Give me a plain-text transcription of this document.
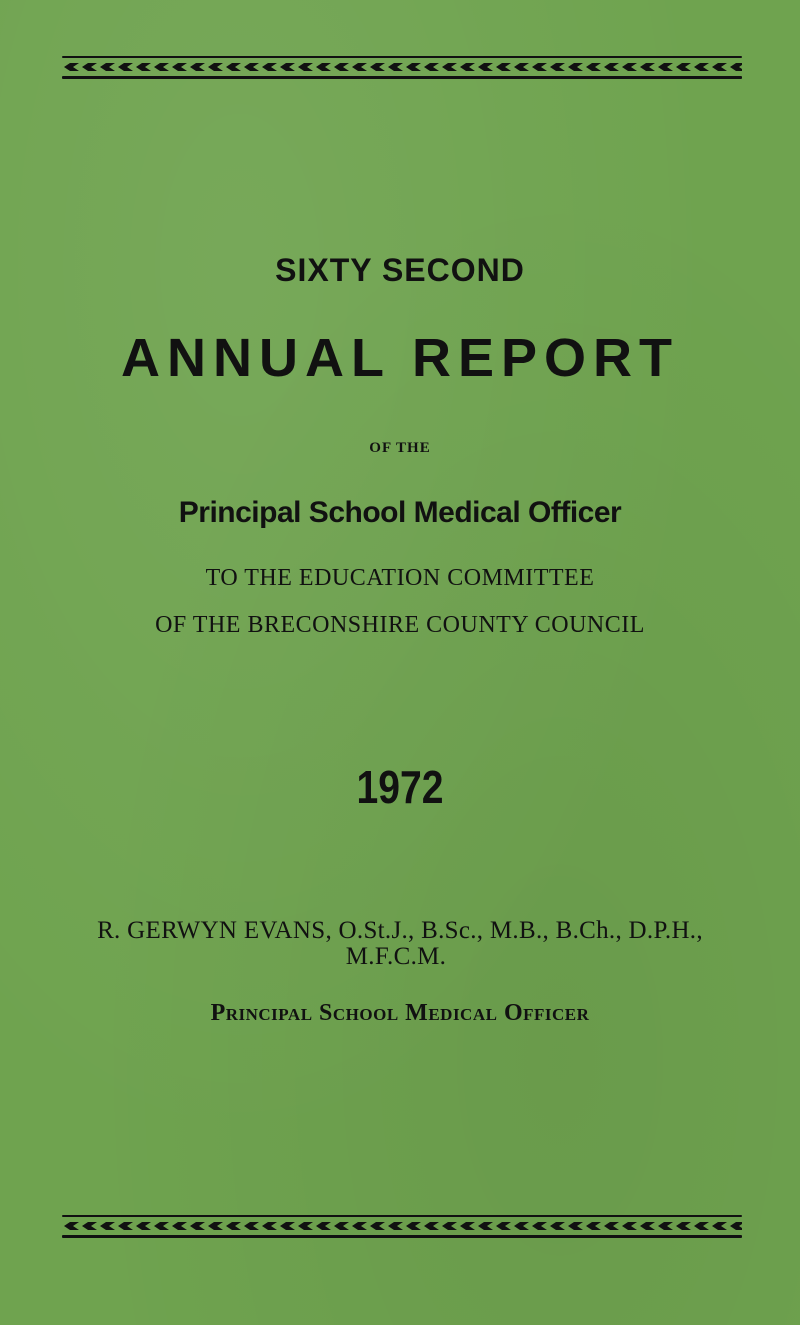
SIXTY SECOND
ANNUAL REPORT
OF THE
Principal School Medical Officer
TO THE EDUCATION COMMITTEE
OF THE BRECONSHIRE COUNTY COUNCIL
1972
R. GERWYN EVANS, O.St.J., B.Sc., M.B., B.Ch., D.P.H.,
M.F.C.M.
Principal School Medical Officer
